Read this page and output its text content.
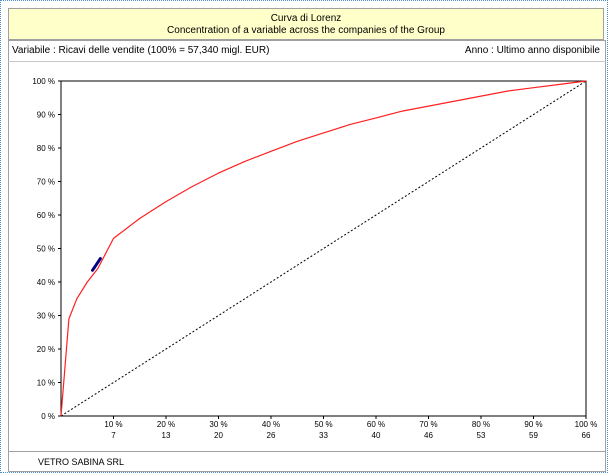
Curva di Lorenz
Concentration of a variable across the companies of the Group
Variabile : Ricavi delle vendite (100% = 57,340 migl. EUR)	Anno : Ultimo anno disponibile
0 %
10 %
20 %
30 %
40 %
50 %
60 %
70 %
80 %
90 %
100 %
10 %
7
20 %
13
30 %
20
40 %
26
50 %
33
60 %
40
70 %
46
80 %
53
90 %
59
100 %
66
VETRO SABINA SRL
